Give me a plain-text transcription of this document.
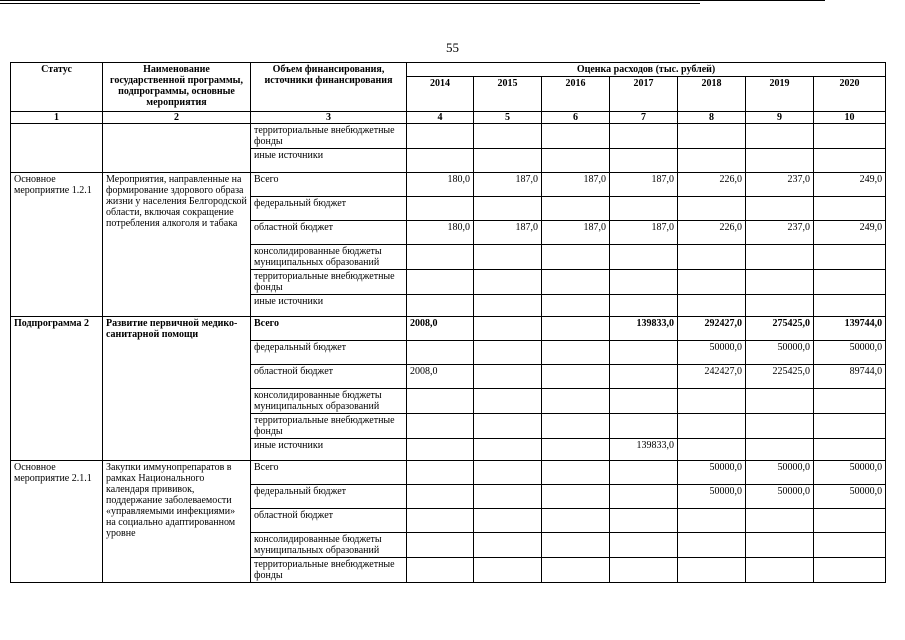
55
Статус	Наименование государственной программы, подпрограммы, основные мероприятия	Объем финансирования, источники финансирования	Оценка расходов (тыс. рублей)						
			2014	2015	2016	2017	2018	2019	2020
1	2	3	4	5	6	7	8	9	10
		территориальные внебюджетные фонды							
		иные источники							
Основное мероприятие 1.2.1	Мероприятия, направленные на формирование здорового образа жизни у населения Белгородской области, включая сокращение потребления алкоголя и табака	Всего	180,0	187,0	187,0	187,0	226,0	237,0	249,0
		федеральный бюджет							
		областной бюджет	180,0	187,0	187,0	187,0	226,0	237,0	249,0
		консолидированные бюджеты муниципальных образований							
		территориальные внебюджетные фонды							
		иные источники							
Подпрограмма 2	Развитие первичной медико-санитарной помощи	Всего	2008,0			139833,0	292427,0	275425,0	139744,0
		федеральный бюджет					50000,0	50000,0	50000,0
		областной бюджет	2008,0				242427,0	225425,0	89744,0
		консолидированные бюджеты муниципальных образований							
		территориальные внебюджетные фонды							
		иные источники				139833,0			
Основное мероприятие 2.1.1	Закупки иммунопрепаратов в рамках Национального календаря прививок, поддержание заболеваемости «управляемыми инфекциями» на социально адаптированном уровне	Всего					50000,0	50000,0	50000,0
		федеральный бюджет					50000,0	50000,0	50000,0
		областной бюджет							
		консолидированные бюджеты муниципальных образований							
		территориальные внебюджетные фонды							
